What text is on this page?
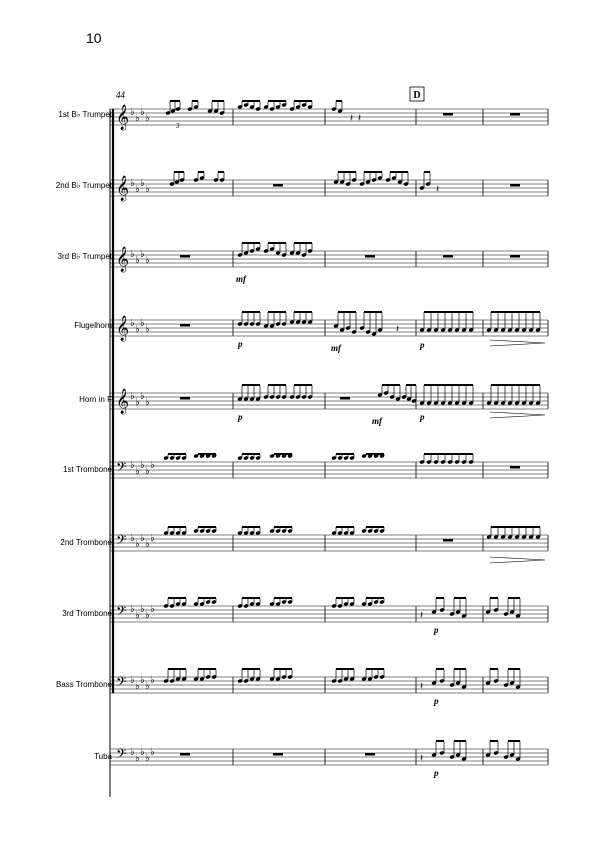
10
1st B♭ Trumpet
2nd B♭ Trumpet
3rd B♭ Trumpet
Flugelhorn
Horn in F
1st Trombone
2nd Trombone
3rd Trombone
Bass Trombone
Tuba
44	D
𝄞 ♭
♭
♭
♭
𝄞 ♭
♭
♭
♭
𝄞 ♭
♭
♭
♭
𝄞 ♭
♭
♭
♭
𝄞 ♭
♭
♭
♭
𝄢 ♭
♭
♭
♭
♭
𝄢 ♭
♭
♭
♭
♭
𝄢 ♭
♭
♭
♭
♭
𝄢 ♭
♭
♭
♭
♭
𝄢 ♭
♭
♭
♭
♭
𝄽 𝄽
𝄽
𝄽
𝄽
𝄽
𝄽
mf
p	mf	p
p	mf	p
p
p
p
3
